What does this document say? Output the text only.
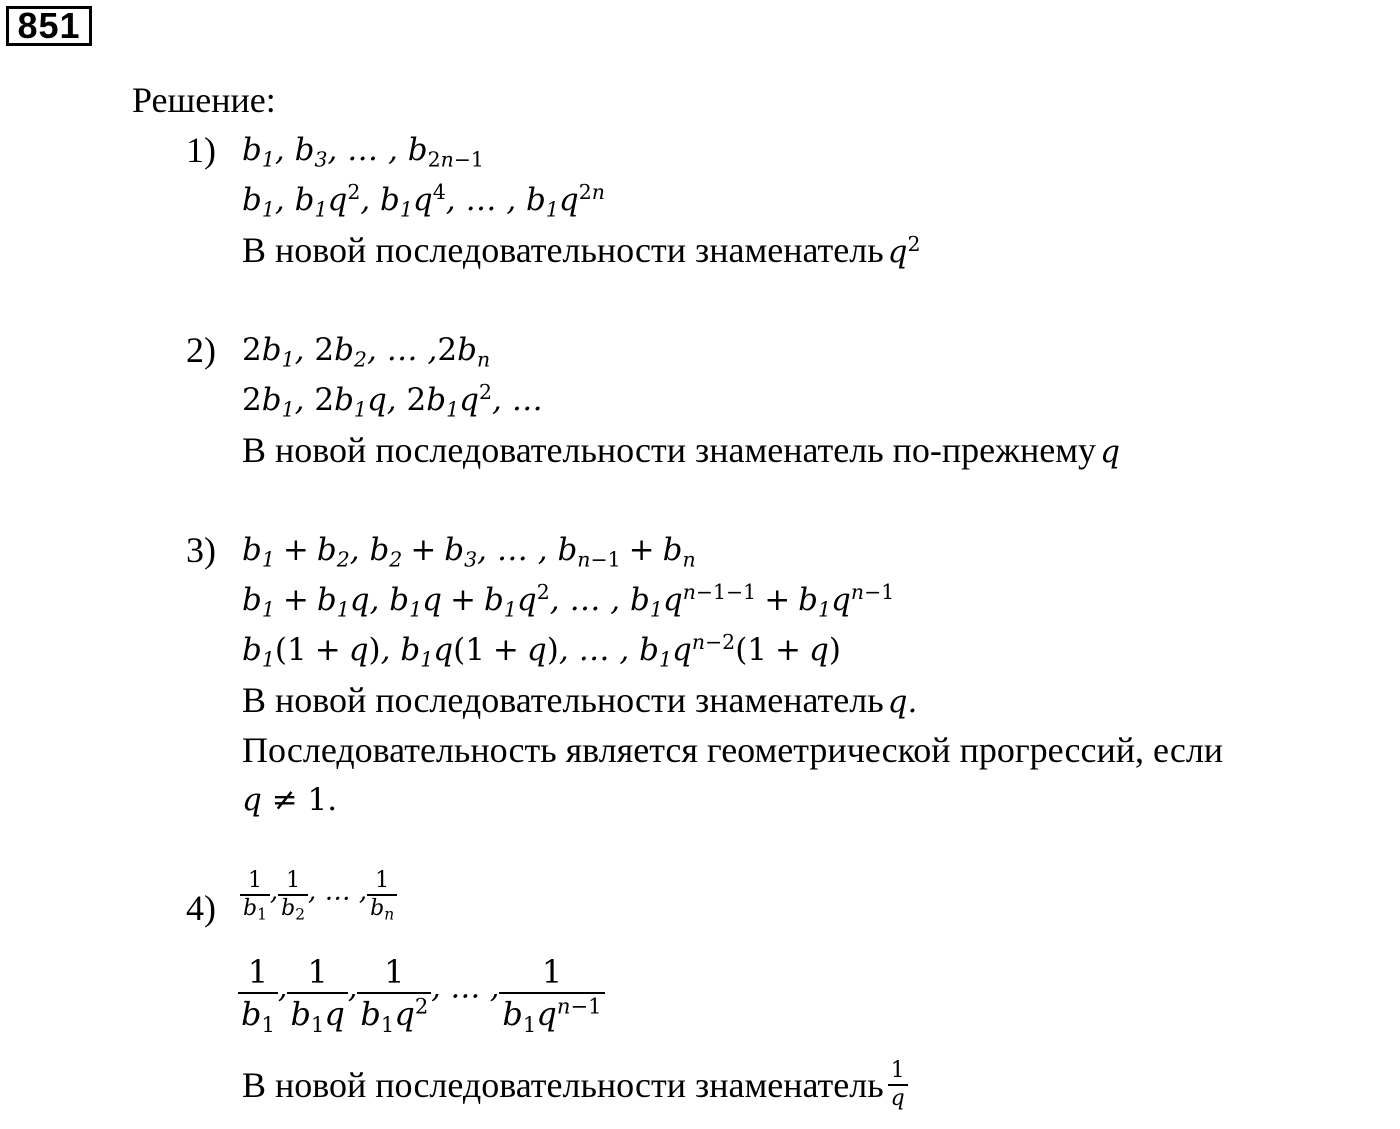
851
Решение:
1) $b_1$, $b_3$, … , $b_{2n-1}$
$b_1$, $b_1q^2$, $b_1q^4$, … , $b_1q^{2n}$
В новой последовательности знаменатель $q^2$
2) $2b_1$, $2b_2$, … $,2b_n$
$2b_1$, $2b_1q$, $2b_1q^2$, …
В новой последовательности знаменатель по-прежнему q
3) $b_1 + b_2$, $b_2 + b_3$, … , $b_{n-1} + b_n$
$b_1 + b_1q$, $b_1q + b_1q^2$, … , $b_1q^{n-1-1} + b_1q^{n-1}$
$b_1(1 + q)$, $b_1q(1 + q)$, … , $b_1q^{n-2}(1 + q)$
В новой последовательности знаменатель q.
Последовательность является геометрической прогрессий, если
q ≠ 1.
$4) \frac{1}{b_1}$ , $\frac{1}{b_2}$ , … , $\frac{1}{b_n}$
$\frac{1}{b_1}$ , $\frac{1}{b_1q}$ , $\frac{1}{b_1q^2}$ , … , $\frac{1}{b_1q^{n-1}}$
В новой последовательности знаменатель $\frac{1}{q}$
